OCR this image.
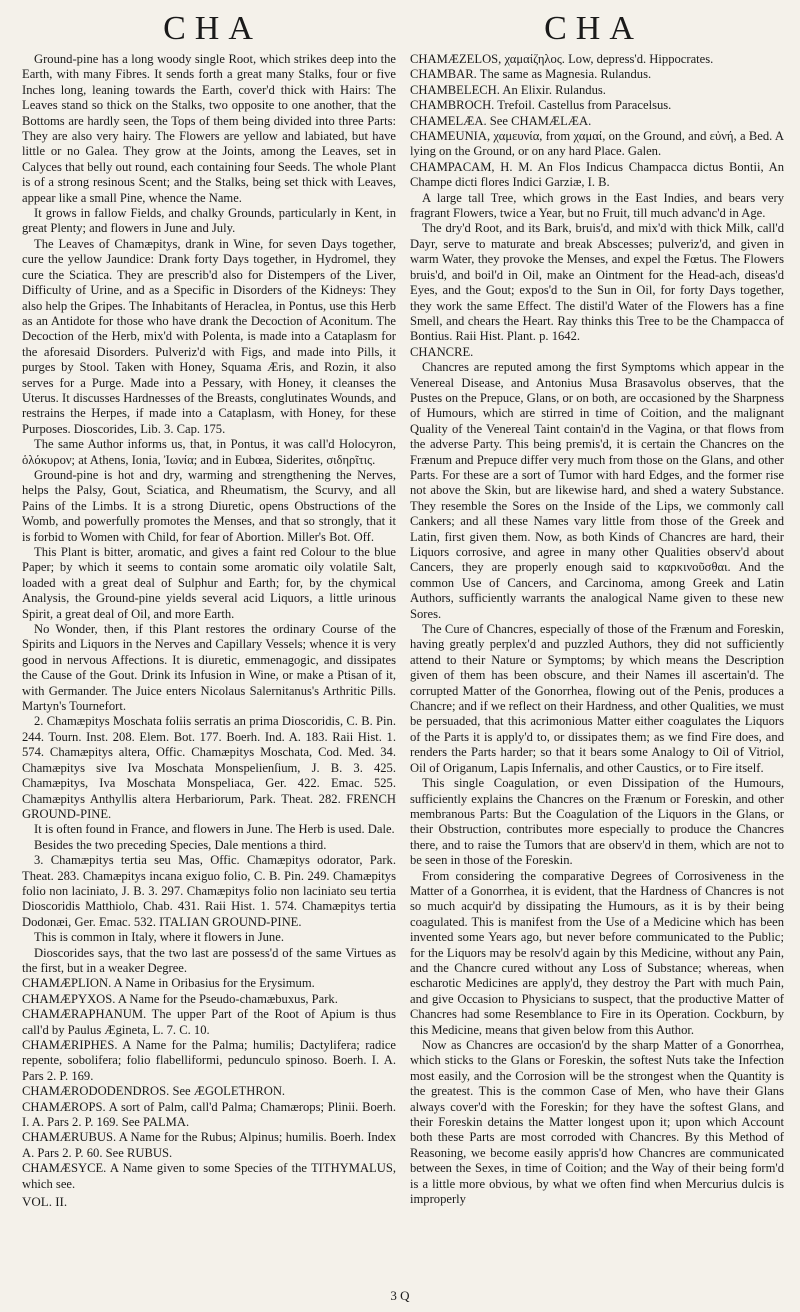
CHA	CHA

Ground-pine has a long woody single Root, which strikes deep into the Earth, with many Fibres. It sends forth a great many Stalks, four or five Inches long, leaning towards the Earth, cover'd thick with Hairs: The Leaves stand so thick on the Stalks, two opposite to one another, that the Bottoms are hardly seen, the Tops of them being divided into three Parts: They are also very hairy. The Flowers are yellow and labiated, but have little or no Galea. They grow at the Joints, among the Leaves, set in Calyces that belly out round, each containing four Seeds. The whole Plant is of a strong resinous Scent; and the Stalks, being set thick with Leaves, appear like a small Pine, whence the Name.

It grows in fallow Fields, and chalky Grounds, particularly in Kent, in great Plenty; and flowers in June and July.

The Leaves of Chamæpitys, drank in Wine, for seven Days together, cure the yellow Jaundice: Drank forty Days together, in Hydromel, they cure the Sciatica. They are prescrib'd also for Distempers of the Liver, Difficulty of Urine, and as a Specific in Disorders of the Kidneys: They also help the Gripes. The Inhabitants of Heraclea, in Pontus, use this Herb as an Antidote for those who have drank the Decoction of Aconitum. The Decoction of the Herb, mix'd with Polenta, is made into a Cataplasm for the aforesaid Disorders. Pulveriz'd with Figs, and made into Pills, it purges by Stool. Taken with Honey, Squama Æris, and Rozin, it also serves for a Purge. Made into a Pessary, with Honey, it cleanses the Uterus. It discusses Hardnesses of the Breasts, conglutinates Wounds, and restrains the Herpes, if made into a Cataplasm, with Honey, for these Purposes. Dioscorides, Lib. 3. Cap. 175.

The same Author informs us, that, in Pontus, it was call'd Holocyron, ὁλόκυρον; at Athens, Ionia, Ἰωνία; and in Eubœa, Siderites, σιδηρῖτις.

Ground-pine is hot and dry, warming and strengthening the Nerves, helps the Palsy, Gout, Sciatica, and Rheumatism, the Scurvy, and all Pains of the Limbs. It is a strong Diuretic, opens Obstructions of the Womb, and powerfully promotes the Menses, and that so strongly, that it is forbid to Women with Child, for fear of Abortion. Miller's Bot. Off.

This Plant is bitter, aromatic, and gives a faint red Colour to the blue Paper; by which it seems to contain some aromatic oily volatile Salt, loaded with a great deal of Sulphur and Earth; for, by the chymical Analysis, the Ground-pine yields several acid Liquors, a little urinous Spirit, a great deal of Oil, and more Earth.

No Wonder, then, if this Plant restores the ordinary Course of the Spirits and Liquors in the Nerves and Capillary Vessels; whence it is very good in nervous Affections. It is diuretic, emmenagogic, and dissipates the Cause of the Gout. Drink its Infusion in Wine, or make a Ptisan of it, with Germander. The Juice enters Nicolaus Salernitanus's Arthritic Pills. Martyn's Tournefort.

2. Chamæpitys Moschata foliis serratis an prima Dioscoridis, C. B. Pin. 244. Tourn. Inst. 208. Elem. Bot. 177. Boerh. Ind. A. 183. Raii Hist. 1. 574. Chamæpitys altera, Offic. Chamæpitys Moschata, Cod. Med. 34. Chamæpitys sive Iva Moschata Monspelienſium, J. B. 3. 425. Chamæpitys, Iva Moschata Monspeliaca, Ger. 422. Emac. 525. Chamæpitys Anthyllis altera Herbariorum, Park. Theat. 282. FRENCH GROUND-PINE.

It is often found in France, and flowers in June. The Herb is used. Dale.

Besides the two preceding Species, Dale mentions a third.

3. Chamæpitys tertia seu Mas, Offic. Chamæpitys odorator, Park. Theat. 283. Chamæpitys incana exiguo folio, C. B. Pin. 249. Chamæpitys folio non laciniato, J. B. 3. 297. Chamæpitys folio non laciniato seu tertia Dioscoridis Matthiolo, Chab. 431. Raii Hist. 1. 574. Chamæpitys tertia Dodonæi, Ger. Emac. 532. ITALIAN GROUND-PINE.

This is common in Italy, where it flowers in June.

Dioscorides says, that the two last are possess'd of the same Virtues as the first, but in a weaker Degree.

CHAMÆPLION. A Name in Oribasius for the Erysimum.

CHAMÆPYXOS. A Name for the Pseudo-chamæbuxus, Park.

CHAMÆRAPHANUM. The upper Part of the Root of Apium is thus call'd by Paulus Ægineta, L. 7. C. 10.

CHAMÆRIPHES. A Name for the Palma; humilis; Dactylifera; radice repente, sobolifera; folio flabelliformi, pedunculo spinoso. Boerh. I. A. Pars 2. P. 169.

CHAMÆRODODENDROS. See ÆGOLETHRON.

CHAMÆROPS. A sort of Palm, call'd Palma; Chamærops; Plinii. Boerh. I. A. Pars 2. P. 169. See PALMA.

CHAMÆRUBUS. A Name for the Rubus; Alpinus; humilis. Boerh. Index A. Pars 2. P. 60. See RUBUS.

CHAMÆSYCE. A Name given to some Species of the TITHYMALUS, which see.

VOL. II.

CHAMÆZELOS, χαμαίζηλος. Low, depress'd. Hippocrates.

CHAMBAR. The same as Magnesia. Rulandus.

CHAMBELECH. An Elixir. Rulandus.

CHAMBROCH. Trefoil. Castellus from Paracelsus.

CHAMELÆA. See CHAMÆLÆA.

CHAMEUNIA, χαμευνία, from χαμαί, on the Ground, and εὐνή, a Bed. A lying on the Ground, or on any hard Place. Galen.

CHAMPACAM, H. M. An Flos Indicus Champacca dictus Bontii, An Champe dicti flores Indici Garziæ, I. B.

A large tall Tree, which grows in the East Indies, and bears very fragrant Flowers, twice a Year, but no Fruit, till much advanc'd in Age.

The dry'd Root, and its Bark, bruis'd, and mix'd with thick Milk, call'd Dayr, serve to maturate and break Abscesses; pulveriz'd, and given in warm Water, they provoke the Menses, and expel the Fœtus. The Flowers bruis'd, and boil'd in Oil, make an Ointment for the Head-ach, diseas'd Eyes, and the Gout; expos'd to the Sun in Oil, for forty Days together, they work the same Effect. The distil'd Water of the Flowers has a fine Smell, and chears the Heart. Ray thinks this Tree to be the Champacca of Bontius. Raii Hist. Plant. p. 1642.

CHANCRE.

Chancres are reputed among the first Symptoms which appear in the Venereal Disease, and Antonius Musa Brasavolus observes, that the Pustes on the Prepuce, Glans, or on both, are occasioned by the Sharpness of Humours, which are stirred in time of Coition, and the malignant Quality of the Venereal Taint contain'd in the Vagina, or that flows from the adverse Party. This being premis'd, it is certain the Chancres on the Frænum and Prepuce differ very much from those on the Glans, and other Parts. For these are a sort of Tumor with hard Edges, and the former rise not above the Skin, but are likewise hard, and shed a watery Substance. They resemble the Sores on the Inside of the Lips, we commonly call Cankers; and all these Names vary little from those of the Greek and Latin, first given them. Now, as both Kinds of Chancres are hard, their Liquors corrosive, and agree in many other Qualities observ'd about Cancers, they are properly enough said to καρκινοῦσθαι. And the common Use of Cancers, and Carcinoma, among Greek and Latin Authors, sufficiently warrants the analogical Name given to these new Sores.

The Cure of Chancres, especially of those of the Frænum and Foreskin, having greatly perplex'd and puzzled Authors, they did not sufficiently attend to their Nature or Symptoms; by which means the Description given of them has been obscure, and their Names ill ascertain'd. The corrupted Matter of the Gonorrhea, flowing out of the Penis, produces a Chancre; and if we reflect on their Hardness, and other Qualities, we must be persuaded, that this acrimonious Matter either coagulates the Liquors of the Parts it is apply'd to, or dissipates them; as we find Fire does, and renders the Parts harder; so that it bears some Analogy to Oil of Vitriol, Oil of Origanum, Lapis Infernalis, and other Caustics, or to Fire itself.

This single Coagulation, or even Dissipation of the Humours, sufficiently explains the Chancres on the Frænum or Foreskin, and other membranous Parts: But the Coagulation of the Liquors in the Glans, or their Obstruction, contributes more especially to produce the Chancres there, and to raise the Tumors that are observ'd in them, which are not to be seen in those of the Foreskin.

From considering the comparative Degrees of Corrosiveness in the Matter of a Gonorrhea, it is evident, that the Hardness of Chancres is not so much acquir'd by dissipating the Humours, as it is by their being coagulated. This is manifest from the Use of a Medicine which has been invented some Years ago, but never before communicated to the Public; for the Liquors may be resolv'd again by this Medicine, without any Pain, and the Chancre cured without any Loss of Substance; whereas, when escharotic Medicines are apply'd, they destroy the Part with much Pain, and give Occasion to Physicians to suspect, that the productive Matter of Chancres had some Resemblance to Fire in its Operation. Cockburn, by this Medicine, means that given below from this Author.

Now as Chancres are occasion'd by the sharp Matter of a Gonorrhea, which sticks to the Glans or Foreskin, the softest Nuts take the Infection most easily, and the Corrosion will be the strongest when the Quantity is the greatest. This is the common Case of Men, who have their Glans always cover'd with the Foreskin; for they have the softest Glans, and their Foreskin detains the Matter longest upon it; upon which Account both these Parts are most corroded with Chancres. By this Method of Reasoning, we become easily appris'd how Chancres are communicated between the Sexes, in time of Coition; and the Way of their being form'd is a little more obvious, by what we often find when Mercurius dulcis is improperly

3 Q
